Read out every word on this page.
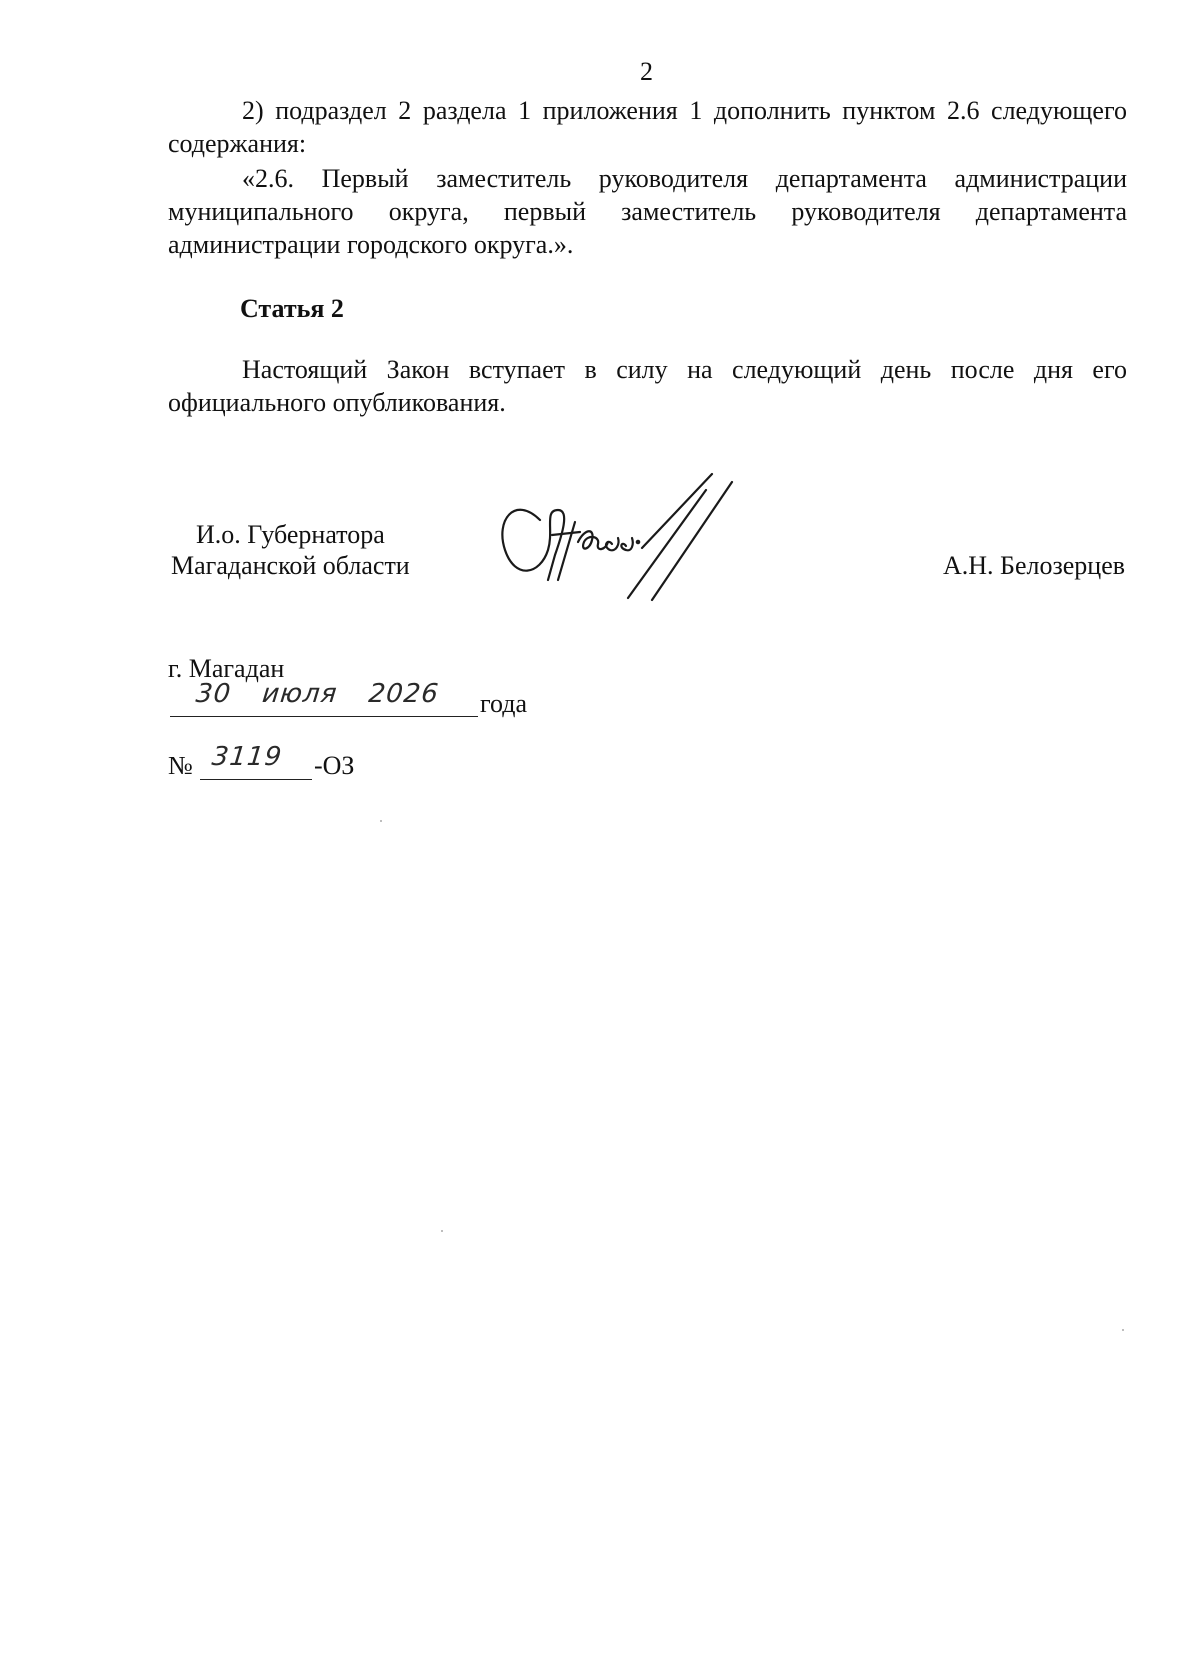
2
2) подраздел 2 раздела 1 приложения 1 дополнить пунктом 2.6 следующего
содержания:
«2.6. Первый заместитель руководителя департамента администрации
муниципального округа, первый заместитель руководителя департамента
администрации городского округа.».
Статья 2
Настоящий Закон вступает в силу на следующий день после дня его
официального опубликования.
И.о. Губернатора
Магаданской области	А.Н. Белозерцев
г. Магадан
30 июля 2026 года
№ 3119 -ОЗ
